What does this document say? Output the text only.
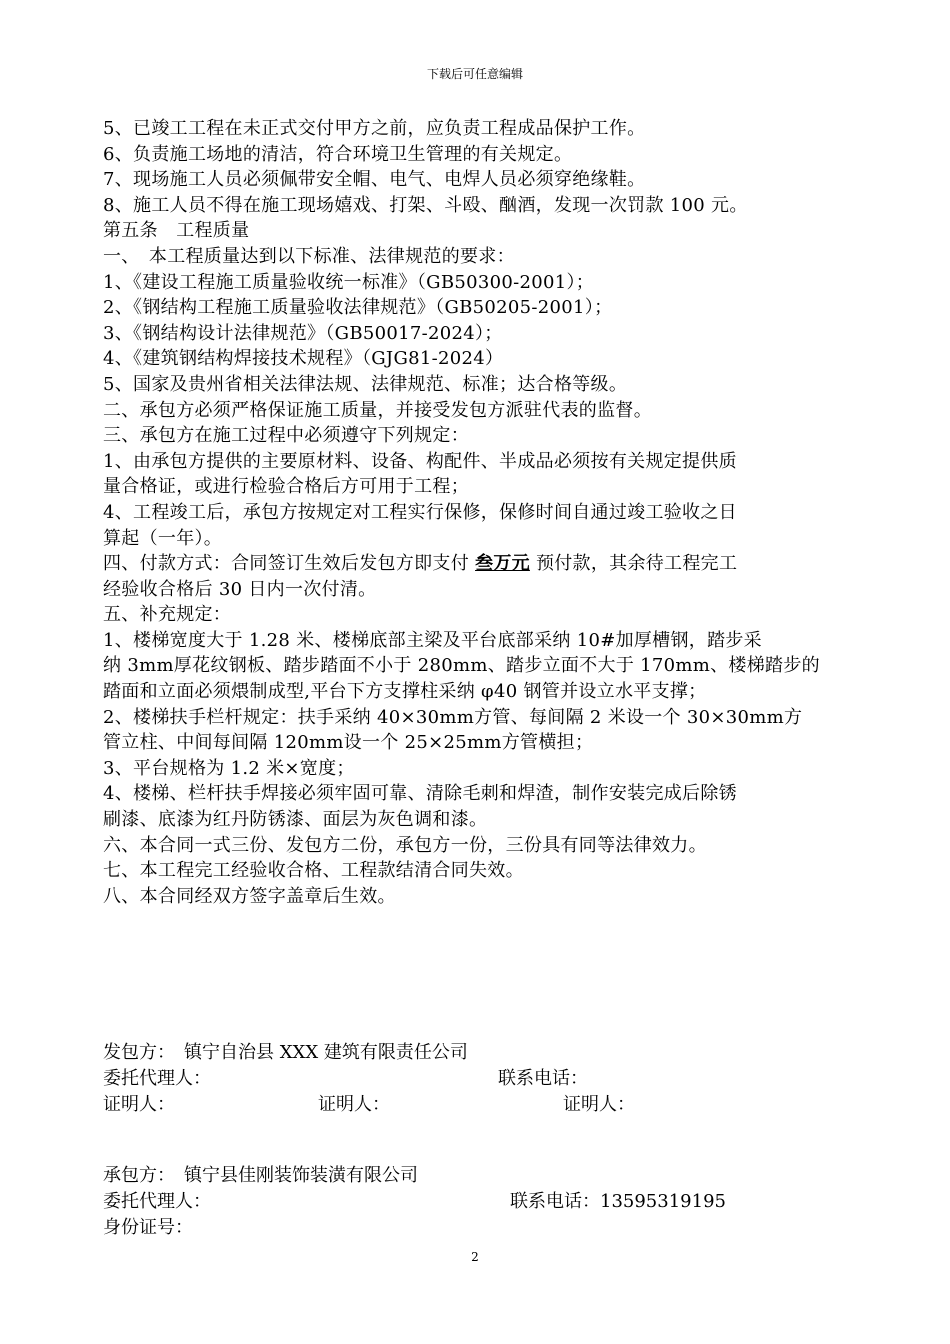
下载后可任意编辑
5、已竣工工程在未正式交付甲方之前，应负责工程成品保护工作。
6、负责施工场地的清洁，符合环境卫生管理的有关规定。
7、现场施工人员必须佩带安全帽、电气、电焊人员必须穿绝缘鞋。
8、施工人员不得在施工现场嬉戏、打架、斗殴、酗酒，发现一次罚款 100 元。
第五条　工程质量
一、　本工程质量达到以下标准、法律规范的要求：
1、《建设工程施工质量验收统一标准》（GB50300-2001）；
2、《钢结构工程施工质量验收法律规范》（GB50205-2001）；
3、《钢结构设计法律规范》（GB50017-2024）；
4、《建筑钢结构焊接技术规程》（GJG81-2024）
5、国家及贵州省相关法律法规、法律规范、标准；达合格等级。
二、承包方必须严格保证施工质量，并接受发包方派驻代表的监督。
三、承包方在施工过程中必须遵守下列规定：
1、由承包方提供的主要原材料、设备、构配件、半成品必须按有关规定提供质
量合格证，或进行检验合格后方可用于工程；
4、工程竣工后，承包方按规定对工程实行保修，保修时间自通过竣工验收之日
算起（一年）。
四、付款方式：合同签订生效后发包方即支付 叁万元 预付款，其余待工程完工
经验收合格后 30 日内一次付清。
五、补充规定：
1、楼梯宽度大于 1.28 米、楼梯底部主梁及平台底部采纳 10#加厚槽钢，踏步采
纳 3mm厚花纹钢板、踏步踏面不小于 280mm、踏步立面不大于 170mm、楼梯踏步的
踏面和立面必须煨制成型,平台下方支撑柱采纳 φ40 钢管并设立水平支撑；
2、楼梯扶手栏杆规定：扶手采纳 40×30mm方管、每间隔 2 米设一个 30×30mm方
管立柱、中间每间隔 120mm设一个 25×25mm方管横担；
3、平台规格为 1.2 米×宽度；
4、楼梯、栏杆扶手焊接必须牢固可靠、清除毛刺和焊渣，制作安装完成后除锈
刷漆、底漆为红丹防锈漆、面层为灰色调和漆。
六、本合同一式三份、发包方二份，承包方一份，三份具有同等法律效力。
七、本工程完工经验收合格、工程款结清合同失效。
八、本合同经双方签字盖章后生效。
发包方：　镇宁自治县 XXX 建筑有限责任公司
委托代理人：	联系电话：
证明人：	证明人：	证明人：
承包方：　镇宁县佳刚装饰装潢有限公司
委托代理人：	联系电话：13595319195
身份证号：
2
